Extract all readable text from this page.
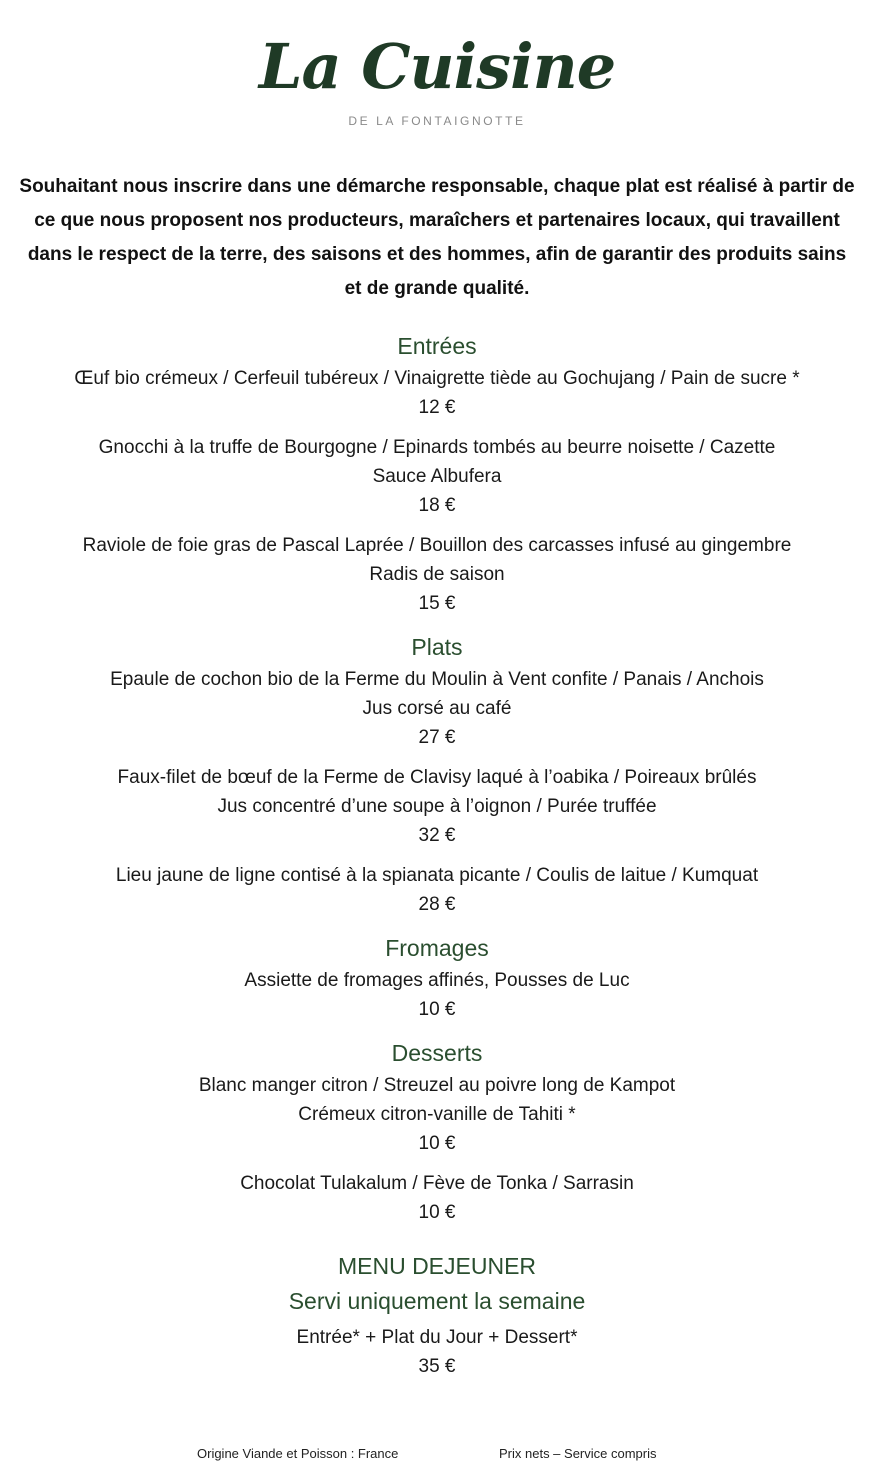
La Cuisine
DE LA FONTAIGNOTTE
Souhaitant nous inscrire dans une démarche responsable, chaque plat est réalisé à partir de ce que nous proposent nos producteurs, maraîchers et partenaires locaux, qui travaillent dans le respect de la terre, des saisons et des hommes, afin de garantir des produits sains et de grande qualité.
Entrées
Œuf bio crémeux / Cerfeuil tubéreux / Vinaigrette tiède au Gochujang / Pain de sucre *
12 €
Gnocchi à la truffe de Bourgogne / Epinards tombés au beurre noisette / Cazette
Sauce Albufera
18 €
Raviole de foie gras de Pascal Laprée / Bouillon des carcasses infusé au gingembre
Radis de saison
15 €
Plats
Epaule de cochon bio de la Ferme du Moulin à Vent confite / Panais / Anchois
Jus corsé au café
27 €
Faux-filet de bœuf de la Ferme de Clavisy laqué à l’oabika / Poireaux brûlés
Jus concentré d’une soupe à l’oignon / Purée truffée
32 €
Lieu jaune de ligne contisé à la spianata picante / Coulis de laitue / Kumquat
28 €
Fromages
Assiette de fromages affinés, Pousses de Luc
10 €
Desserts
Blanc manger citron / Streuzel au poivre long de Kampot
Crémeux citron-vanille de Tahiti *
10 €
Chocolat Tulakalum / Fève de Tonka / Sarrasin
10 €
MENU DEJEUNER
Servi uniquement la semaine
Entrée* + Plat du Jour + Dessert*
35 €
Origine Viande et Poisson : France	Prix nets – Service compris
